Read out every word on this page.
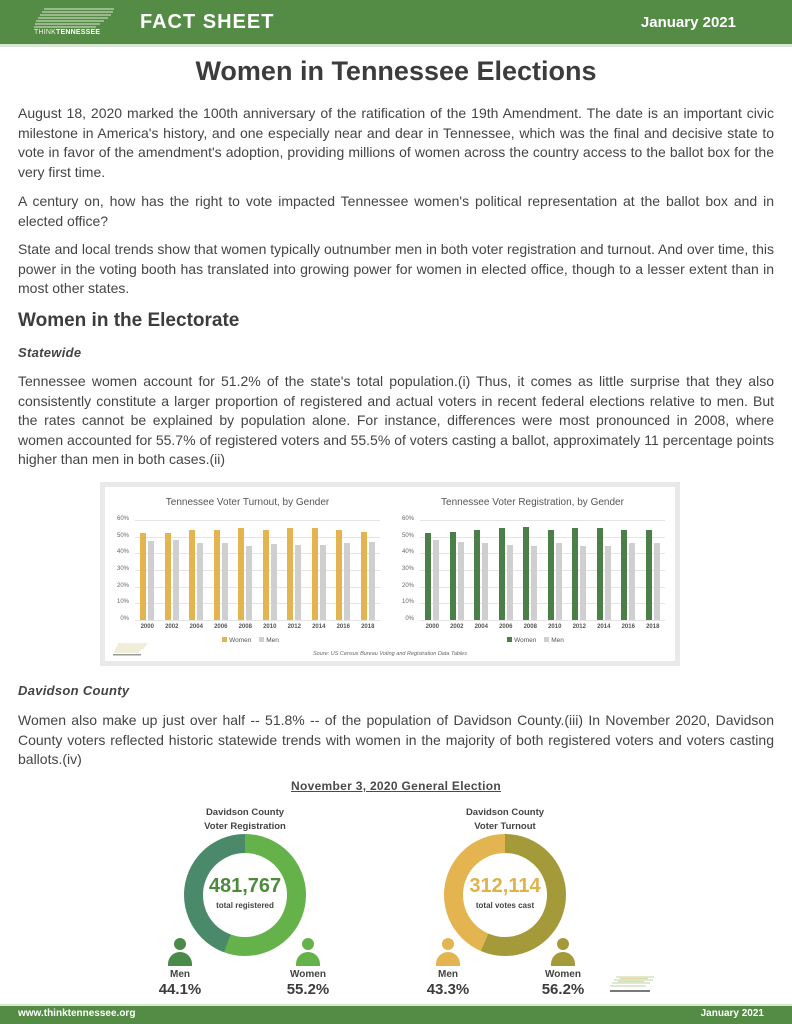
THINKTENNESSEE FACT SHEET	January 2021
Women in Tennessee Elections

August 18, 2020 marked the 100th anniversary of the ratification of the 19th Amendment. The date is an important civic milestone in America's history, and one especially near and dear in Tennessee, which was the final and decisive state to vote in favor of the amendment's adoption, providing millions of women across the country access to the ballot box for the very first time.

A century on, how has the right to vote impacted Tennessee women's political representation at the ballot box and in elected office?

State and local trends show that women typically outnumber men in both voter registration and turnout. And over time, this power in the voting booth has translated into growing power for women in elected office, though to a lesser extent than in most other states.

Women in the Electorate
Statewide

Tennessee women account for 51.2% of the state's total population.(i) Thus, it comes as little surprise that they also consistently constitute a larger proportion of registered and actual voters in recent federal elections relative to men. But the rates cannot be explained by population alone. For instance, differences were most pronounced in 2008, where women accounted for 55.7% of registered voters and 55.5% of voters casting a ballot, approximately 11 percentage points higher than men in both cases.(ii)

Tennessee Voter Turnout, by Gender
60%
50%
40%
30%
20%
10%
0%
2000 2002 2004 2006 2008 2010 2012 2014 2016 2018
Women Men
Tennessee Voter Registration, by Gender
60%
50%
40%
30%
20%
10%
0%
2000 2002 2004 2006 2008 2010 2012 2014 2016 2018
Women Men
Soure: US Census Bureau Voting and Registration Data Tables
Davidson County

Women also make up just over half -- 51.8% -- of the population of Davidson County.(iii) In November 2020, Davidson County voters reflected historic statewide trends with women in the majority of both registered voters and voters casting ballots.(iv)

November 3, 2020 General Election
Davidson County
Voter Registration
481,767
total registered
Men
44.1%
Women
55.2%
Davidson County
Voter Turnout
312,114
total votes cast
Men
43.3%
Women
56.2%
www.thinktennessee.org	January 2021
